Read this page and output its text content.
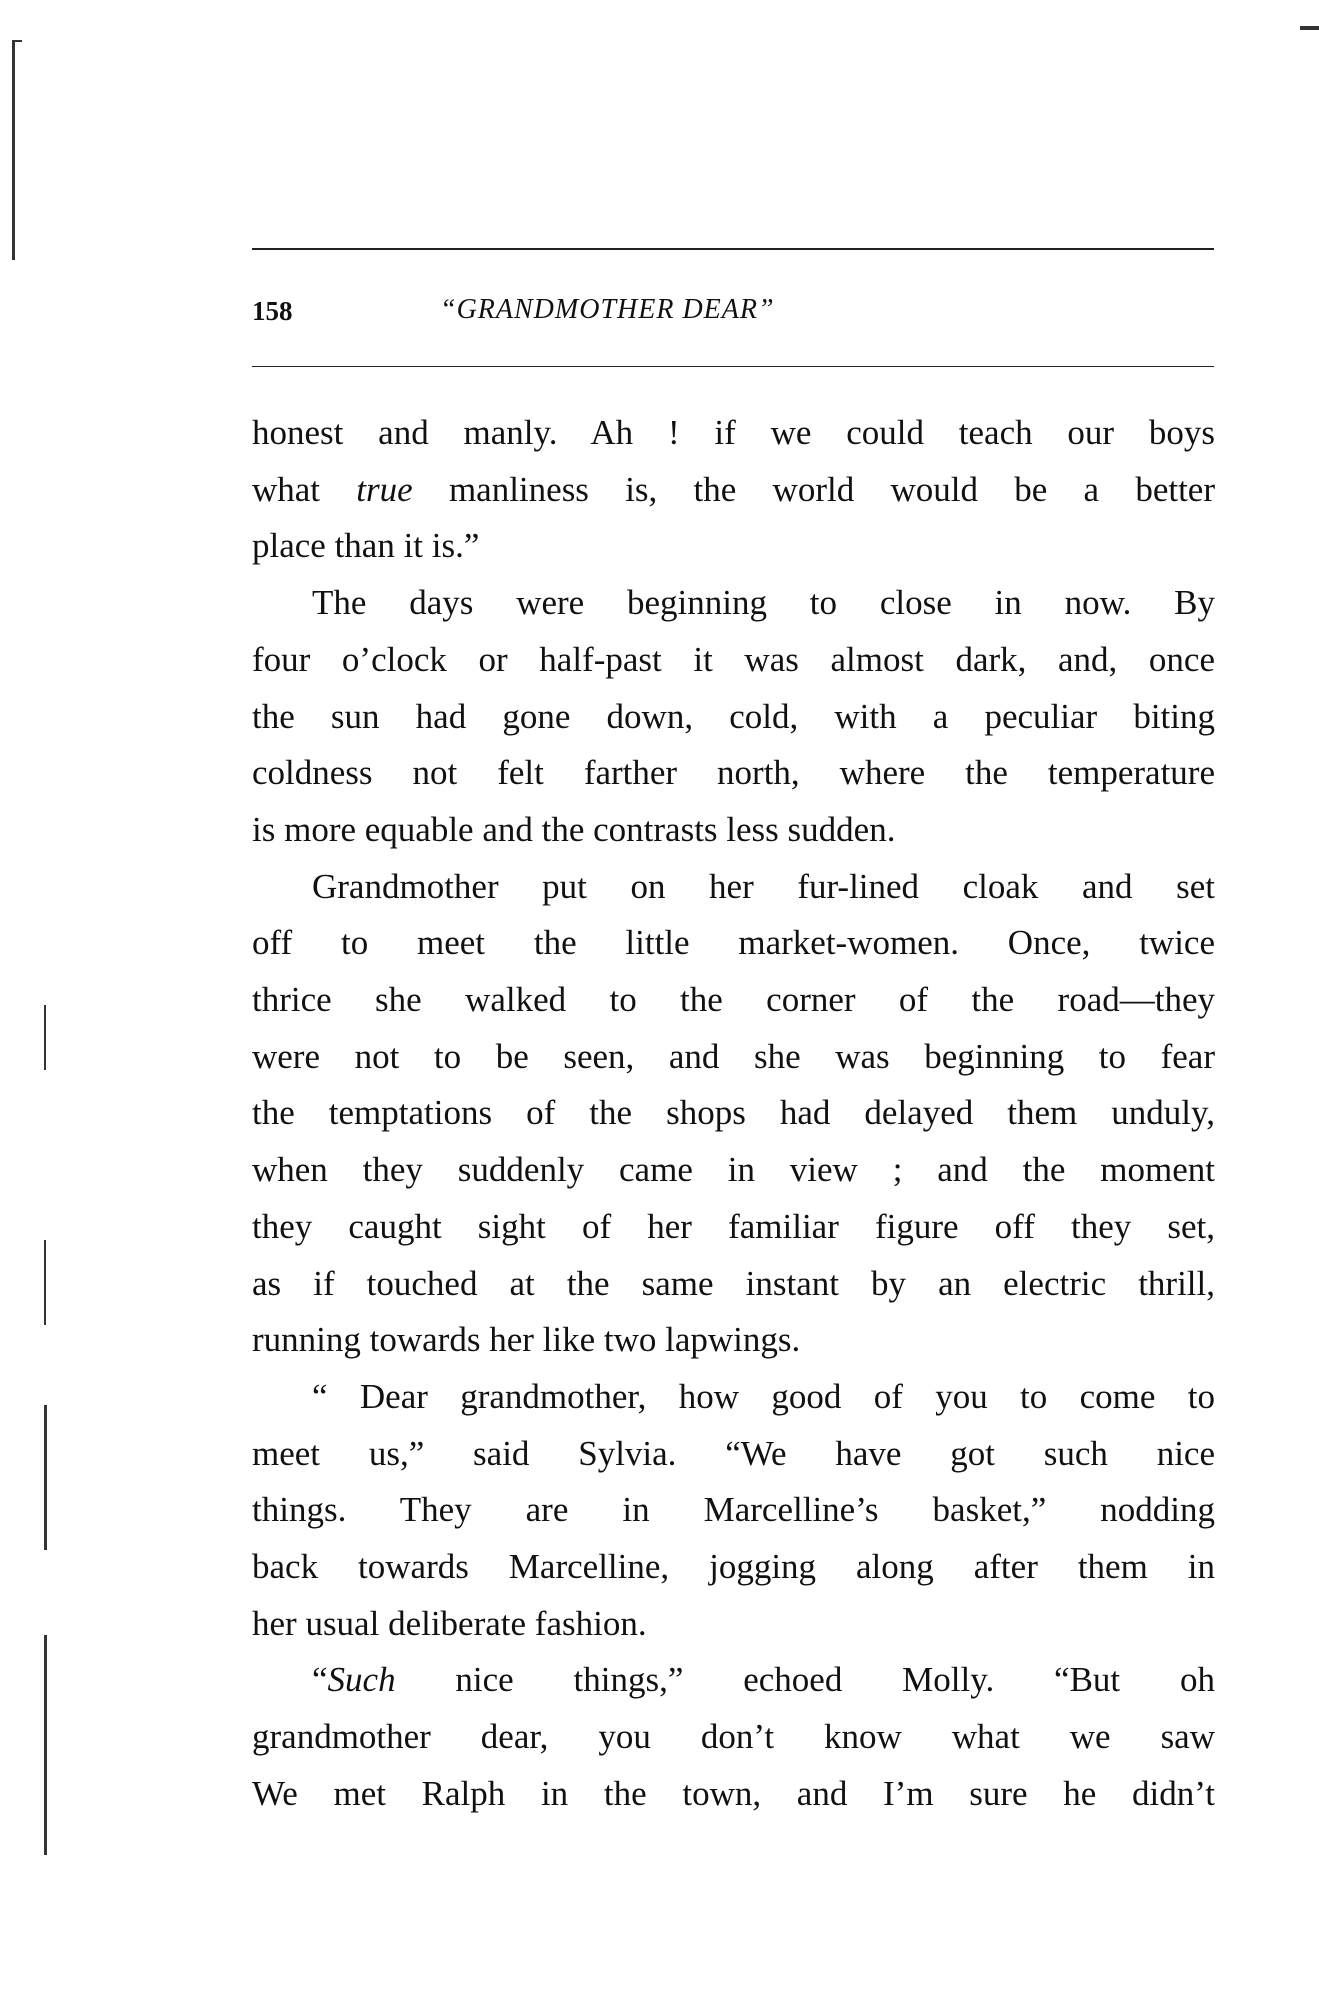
158	“GRANDMOTHER DEAR”
honest and manly. Ah ! if we could teach our boys
what true manliness is, the world would be a better
place than it is.”
The days were beginning to close in now. By
four o’clock or half-past it was almost dark, and, once
the sun had gone down, cold, with a peculiar biting
coldness not felt farther north, where the temperature
is more equable and the contrasts less sudden.
Grandmother put on her fur-lined cloak and set
off to meet the little market-women. Once, twice
thrice she walked to the corner of the road—they
were not to be seen, and she was beginning to fear
the temptations of the shops had delayed them unduly,
when they suddenly came in view ; and the moment
they caught sight of her familiar figure off they set,
as if touched at the same instant by an electric thrill,
running towards her like two lapwings.
“ Dear grandmother, how good of you to come to
meet us,” said Sylvia. “We have got such nice
things. They are in Marcelline’s basket,” nodding
back towards Marcelline, jogging along after them in
her usual deliberate fashion.
“Such nice things,” echoed Molly. “But oh
grandmother dear, you don’t know what we saw
We met Ralph in the town, and I’m sure he didn’t
